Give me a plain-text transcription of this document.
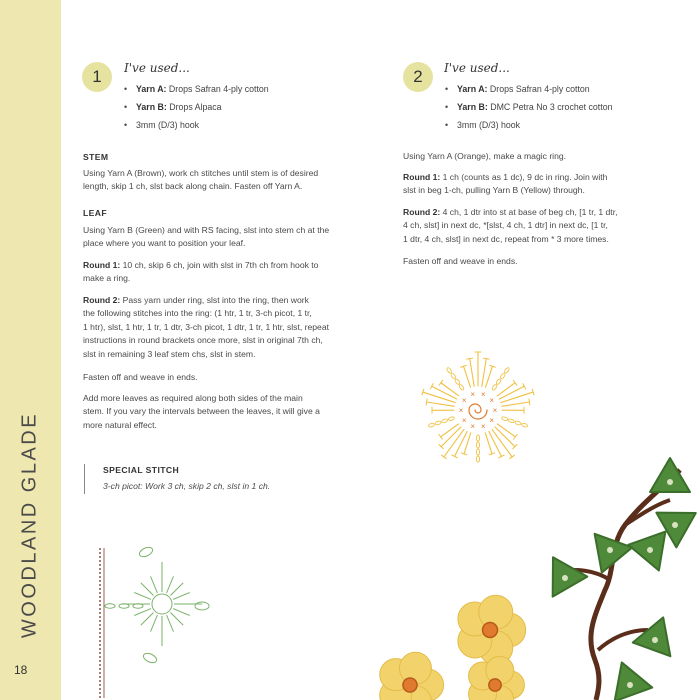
WOODLAND GLADE
18
1	I've used...
• Yarn A: Drops Safran 4-ply cotton
• Yarn B: Drops Alpaca
• 3mm (D/3) hook
STEM
Using Yarn A (Brown), work ch stitches until stem is of desired
length, skip 1 ch, slst back along chain. Fasten off Yarn A.
LEAF
Using Yarn B (Green) and with RS facing, slst into stem ch at the
place where you want to position your leaf.
Round 1: 10 ch, skip 6 ch, join with slst in 7th ch from hook to
make a ring.
Round 2: Pass yarn under ring, slst into the ring, then work
the following stitches into the ring: (1 htr, 1 tr, 3-ch picot, 1 tr,
1 htr), slst, 1 htr, 1 tr, 1 dtr, 3-ch picot, 1 dtr, 1 tr, 1 htr, slst, repeat
instructions in round brackets once more, slst in original 7th ch,
slst in remaining 3 leaf stem chs, slst in stem.
Fasten off and weave in ends.
Add more leaves as required along both sides of the main
stem. If you vary the intervals between the leaves, it will give a
more natural effect.
SPECIAL STITCH
3-ch picot: Work 3 ch, skip 2 ch, slst in 1 ch.
2	I've used...
• Yarn A: Drops Safran 4-ply cotton
• Yarn B: DMC Petra No 3 crochet cotton
• 3mm (D/3) hook
Using Yarn A (Orange), make a magic ring.
Round 1: 1 ch (counts as 1 dc), 9 dc in ring. Join with
slst in beg 1-ch, pulling Yarn B (Yellow) through.
Round 2: 4 ch, 1 dtr into st at base of beg ch, [1 tr, 1 dtr,
4 ch, slst] in next dc, *[slst, 4 ch, 1 dtr] in next dc, [1 tr,
1 dtr, 4 ch, slst] in next dc, repeat from * 3 more times.
Fasten off and weave in ends.
×
×
×
×
×
×
×
× ×
×
